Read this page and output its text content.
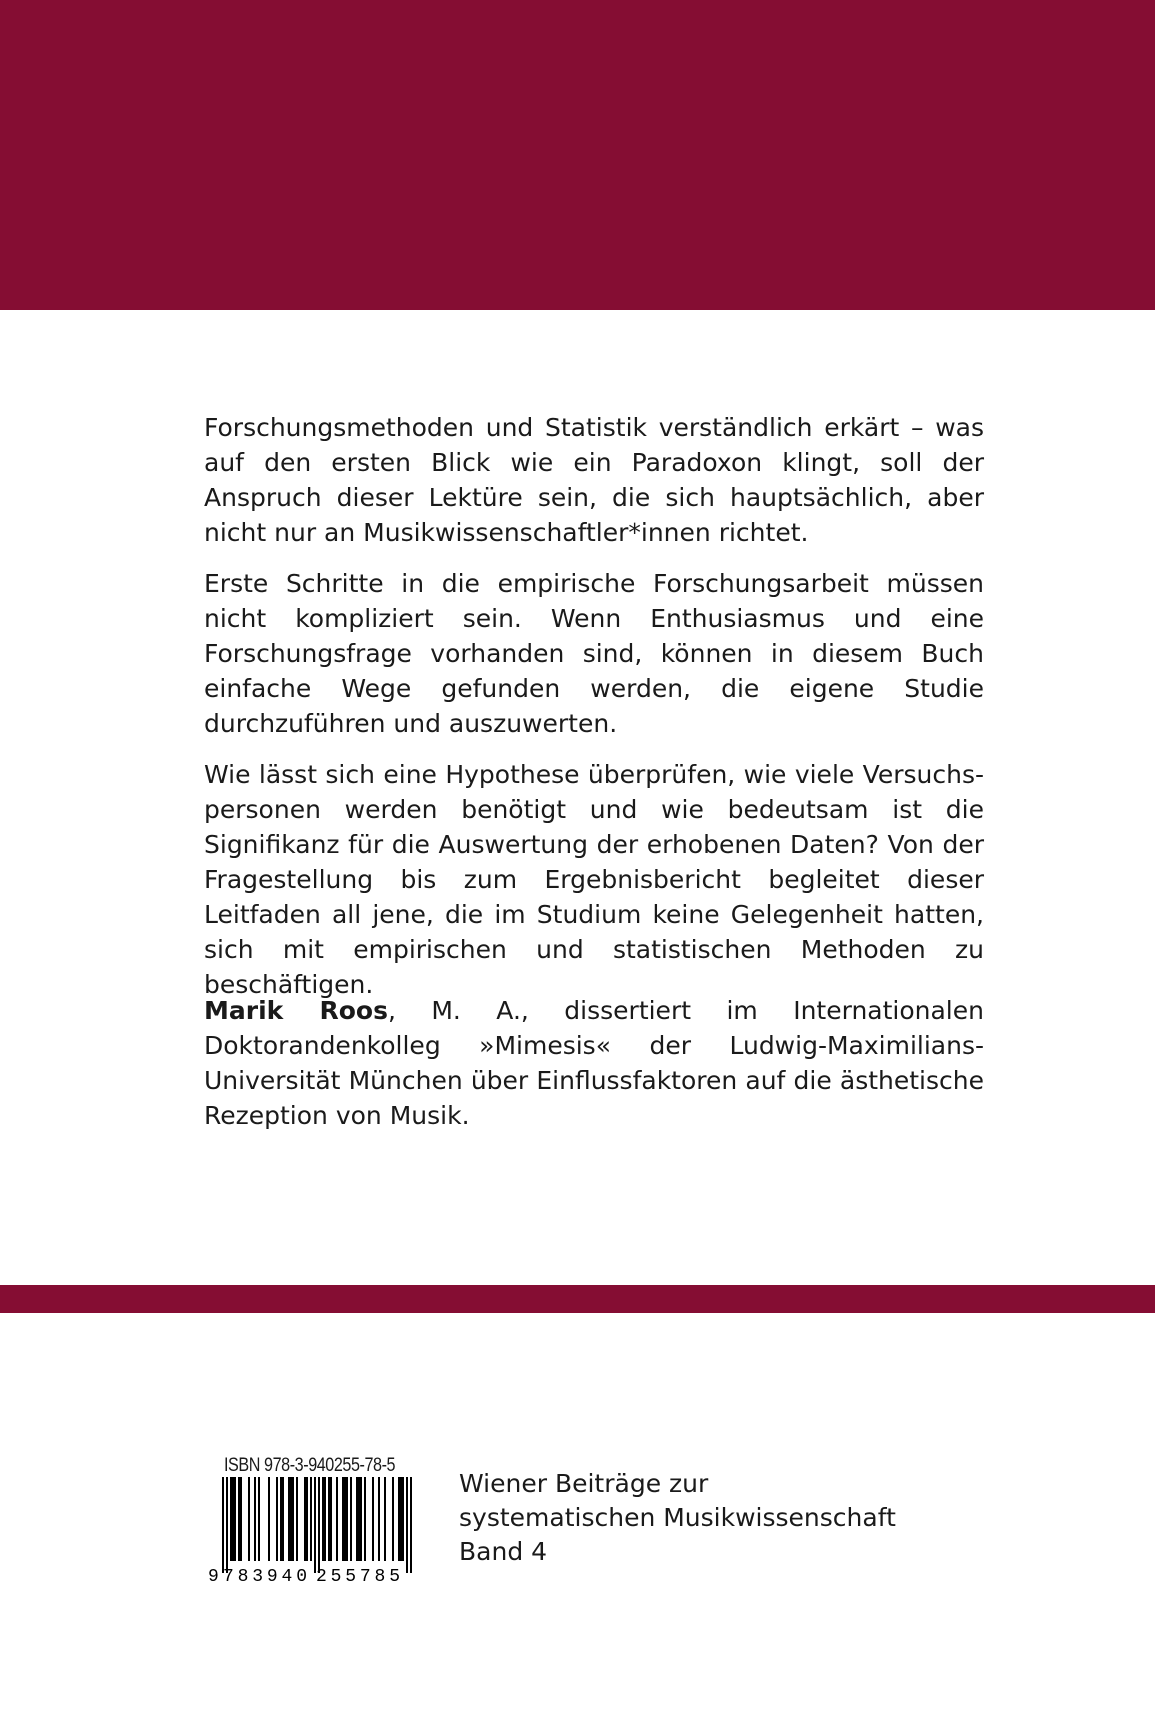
Forschungsmethoden und Statistik verständlich erkärt – was auf den ersten Blick wie ein Paradoxon klingt, soll der Anspruch dieser Lektüre sein, die sich hauptsächlich, aber nicht nur an Musikwissenschaftler*innen richtet.

Erste Schritte in die empirische Forschungsarbeit müssen nicht kompliziert sein. Wenn Enthusiasmus und eine Forschungsfrage vorhanden sind, können in diesem Buch einfache Wege gefunden werden, die eigene Studie durchzuführen und auszuwerten.

Wie lässt sich eine Hypothese überprüfen, wie viele Versuchspersonen werden benötigt und wie bedeutsam ist die Signifikanz für die Auswertung der erhobenen Daten? Von der Fragestellung bis zum Ergebnisbericht begleitet dieser Leitfaden all jene, die im Studium keine Gelegenheit hatten, sich mit empirischen und statistischen Methoden zu beschäftigen.

Marik Roos, M. A., dissertiert im Internationalen Doktorandenkolleg »Mimesis« der Ludwig-Maximilians-Universität München über Einflussfaktoren auf die ästhetische Rezeption von Musik.

ISBN 978-3-940255-78-5
9 783940 255785
Wiener Beiträge zur
systematischen Musikwissenschaft
Band 4
